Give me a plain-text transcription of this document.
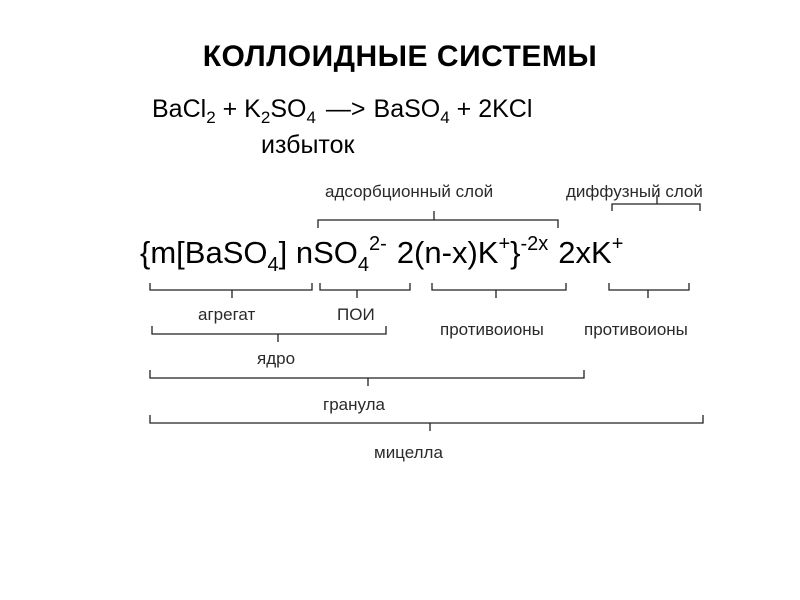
КОЛЛОИДНЫЕ СИСТЕМЫ
BaCl$_2$ + $K_2SO_4$ —> BaSO$_4$ + 2KCl
избыток
адсорбционный слой	диффузный слой
{m[BaSO$_4$] nSO$_4^{2-}$ 2(n-x)K+}$^{-2x}$ 2xK+
агрегат	ПОИ
противоионы противоионы
ядро
гранула
мицелла
